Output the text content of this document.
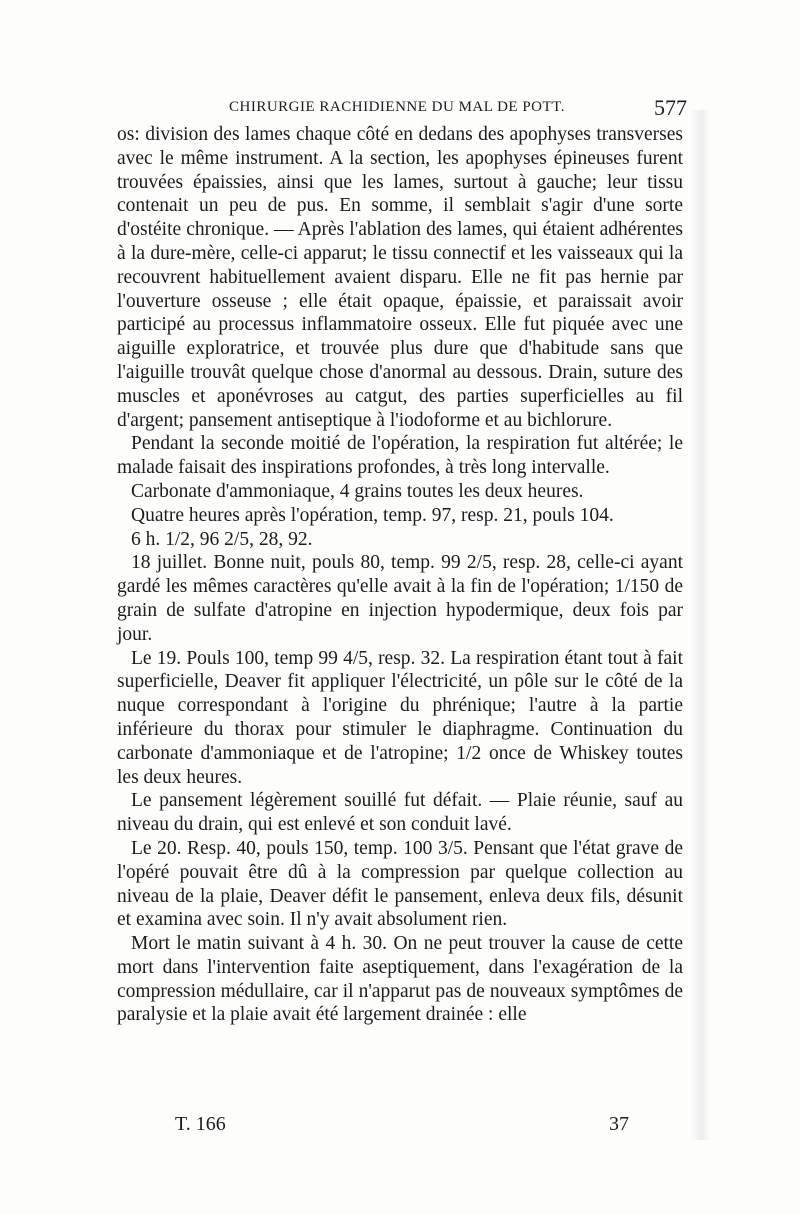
CHIRURGIE RACHIDIENNE DU MAL DE POTT.	577

os: division des lames chaque côté en dedans des apophyses transverses avec le même instrument. A la section, les apophyses épineuses furent trouvées épaissies, ainsi que les lames, surtout à gauche; leur tissu contenait un peu de pus. En somme, il semblait s'agir d'une sorte d'ostéite chronique. — Après l'ablation des lames, qui étaient adhérentes à la dure-mère, celle-ci apparut; le tissu connectif et les vaisseaux qui la recouvrent habituellement avaient disparu. Elle ne fit pas hernie par l'ouverture osseuse ; elle était opaque, épaissie, et paraissait avoir participé au processus inflammatoire osseux. Elle fut piquée avec une aiguille exploratrice, et trouvée plus dure que d'habitude sans que l'aiguille trouvât quelque chose d'anormal au dessous. Drain, suture des muscles et aponévroses au catgut, des parties superficielles au fil d'argent; pansement antiseptique à l'iodoforme et au bichlorure.

Pendant la seconde moitié de l'opération, la respiration fut altérée; le malade faisait des inspirations profondes, à très long intervalle.

Carbonate d'ammoniaque, 4 grains toutes les deux heures.

Quatre heures après l'opération, temp. 97, resp. 21, pouls 104.

6 h. 1/2, 96 2/5, 28, 92.

18 juillet. Bonne nuit, pouls 80, temp. 99 2/5, resp. 28, celle-ci ayant gardé les mêmes caractères qu'elle avait à la fin de l'opération; 1/150 de grain de sulfate d'atropine en injection hypodermique, deux fois par jour.

Le 19. Pouls 100, temp 99 4/5, resp. 32. La respiration étant tout à fait superficielle, Deaver fit appliquer l'électricité, un pôle sur le côté de la nuque correspondant à l'origine du phrénique; l'autre à la partie inférieure du thorax pour stimuler le diaphragme. Continuation du carbonate d'ammoniaque et de l'atropine; 1/2 once de Whiskey toutes les deux heures.

Le pansement légèrement souillé fut défait. — Plaie réunie, sauf au niveau du drain, qui est enlevé et son conduit lavé.

Le 20. Resp. 40, pouls 150, temp. 100 3/5. Pensant que l'état grave de l'opéré pouvait être dû à la compression par quelque collection au niveau de la plaie, Deaver défit le pansement, enleva deux fils, désunit et examina avec soin. Il n'y avait absolument rien.

Mort le matin suivant à 4 h. 30. On ne peut trouver la cause de cette mort dans l'intervention faite aseptiquement, dans l'exagération de la compression médullaire, car il n'apparut pas de nouveaux symptômes de paralysie et la plaie avait été largement drainée : elle

T. 166	37
